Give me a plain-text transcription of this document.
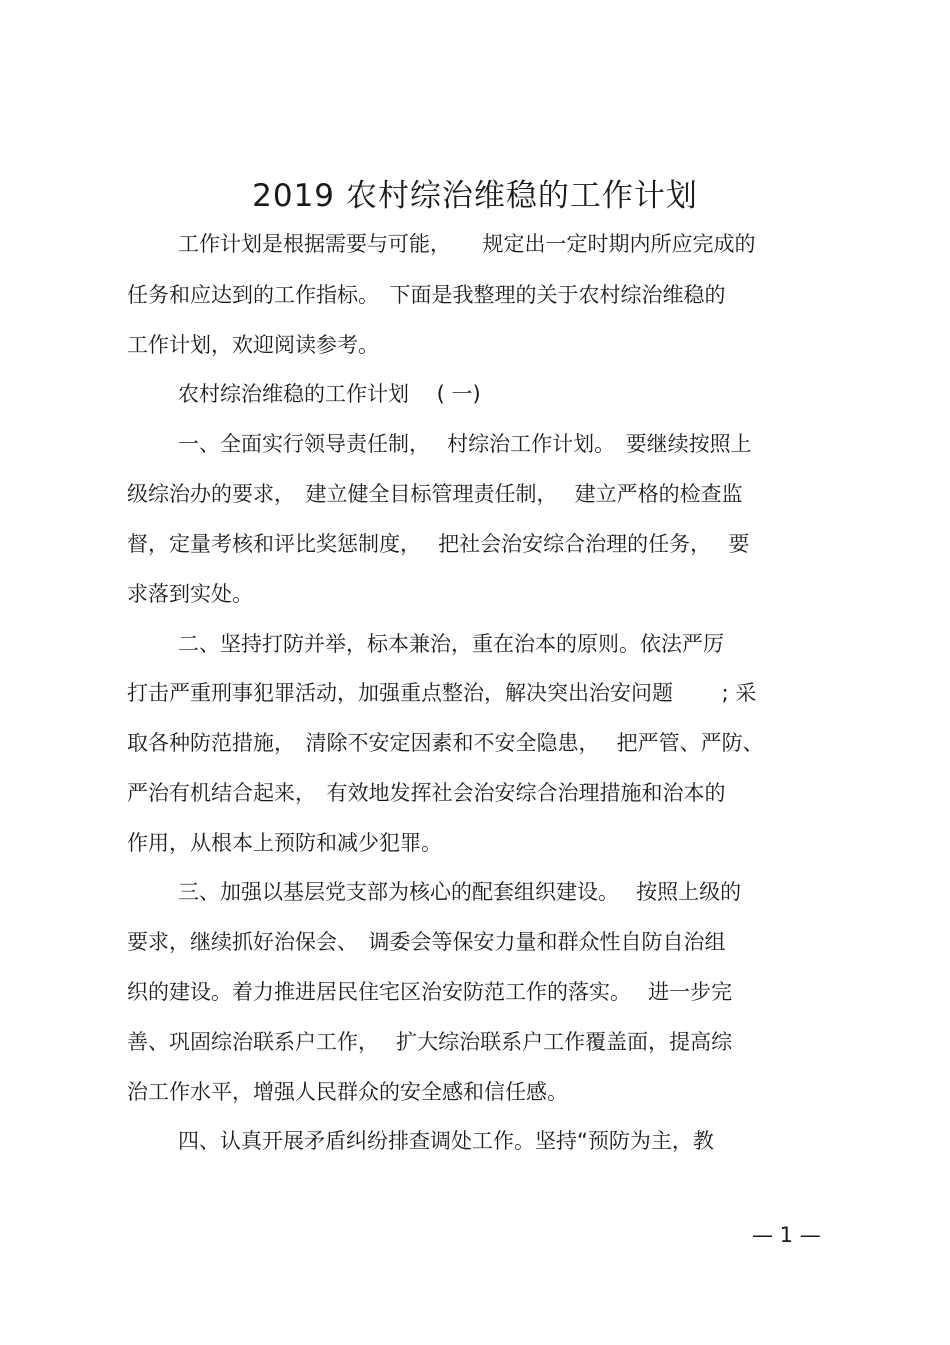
2019 农村综治维稳的工作计划
工作计划是根据需要与可能，　　规定出一定时期内所应完成的
任务和应达到的工作指标。　下面是我整理的关于农村综治维稳的
工作计划，欢迎阅读参考。
农村综治维稳的工作计划　 ( 一)
一、全面实行领导责任制，　 村综治工作计划。　要继续按照上
级综治办的要求，　建立健全目标管理责任制，　 建立严格的检查监
督，定量考核和评比奖惩制度，　 把社会治安综合治理的任务，　 要
求落到实处。
二、坚持打防并举，标本兼治，重在治本的原则。依法严厉
打击严重刑事犯罪活动，加强重点整治，解决突出治安问题　　 ; 采
取各种防范措施，　清除不安定因素和不安全隐患，　 把严管、严防、
严治有机结合起来，　有效地发挥社会治安综合治理措施和治本的
作用，从根本上预防和减少犯罪。
三、加强以基层党支部为核心的配套组织建设。　 按照上级的
要求，继续抓好治保会、　调委会等保安力量和群众性自防自治组
织的建设。着力推进居民住宅区治安防范工作的落实。　 进一步完
善、巩固综治联系户工作，　 扩大综治联系户工作覆盖面，提高综
治工作水平，增强人民群众的安全感和信任感。
四、认真开展矛盾纠纷排查调处工作。坚持“预防为主，教
— 1 —
